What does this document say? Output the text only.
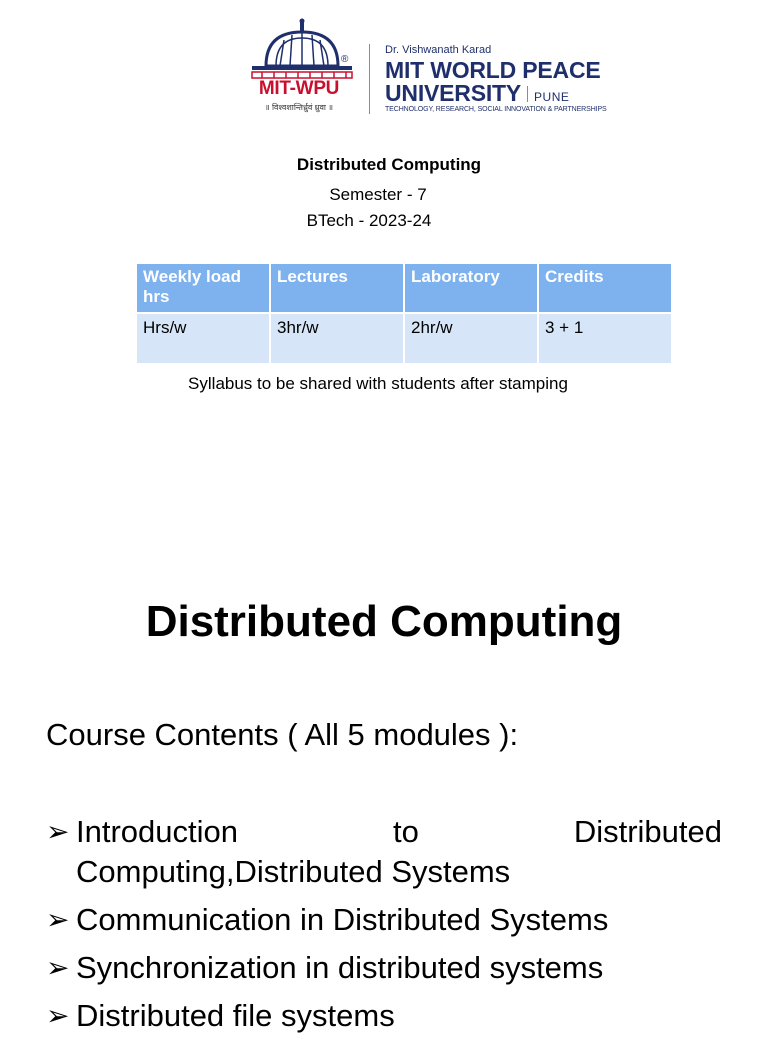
®
MIT-WPU
॥ विश्वशान्तिर्ध्रुवं ध्रुवा ॥
Dr. Vishwanath Karad
MIT WORLD PEACE
UNIVERSITY PUNE
TECHNOLOGY, RESEARCH, SOCIAL INNOVATION & PARTNERSHIPS
Distributed Computing
Semester - 7
BTech - 2023-24
Weekly load hrs	Lectures	Laboratory	Credits
Hrs/w	3hr/w	2hr/w	3 + 1
Syllabus to be shared with students after stamping
Distributed Computing
Course Contents ( All 5 modules ):
➢ Introduction to Distributed Computing,Distributed Systems
➢ Communication in Distributed Systems
➢ Synchronization in distributed systems
➢ Distributed file systems
